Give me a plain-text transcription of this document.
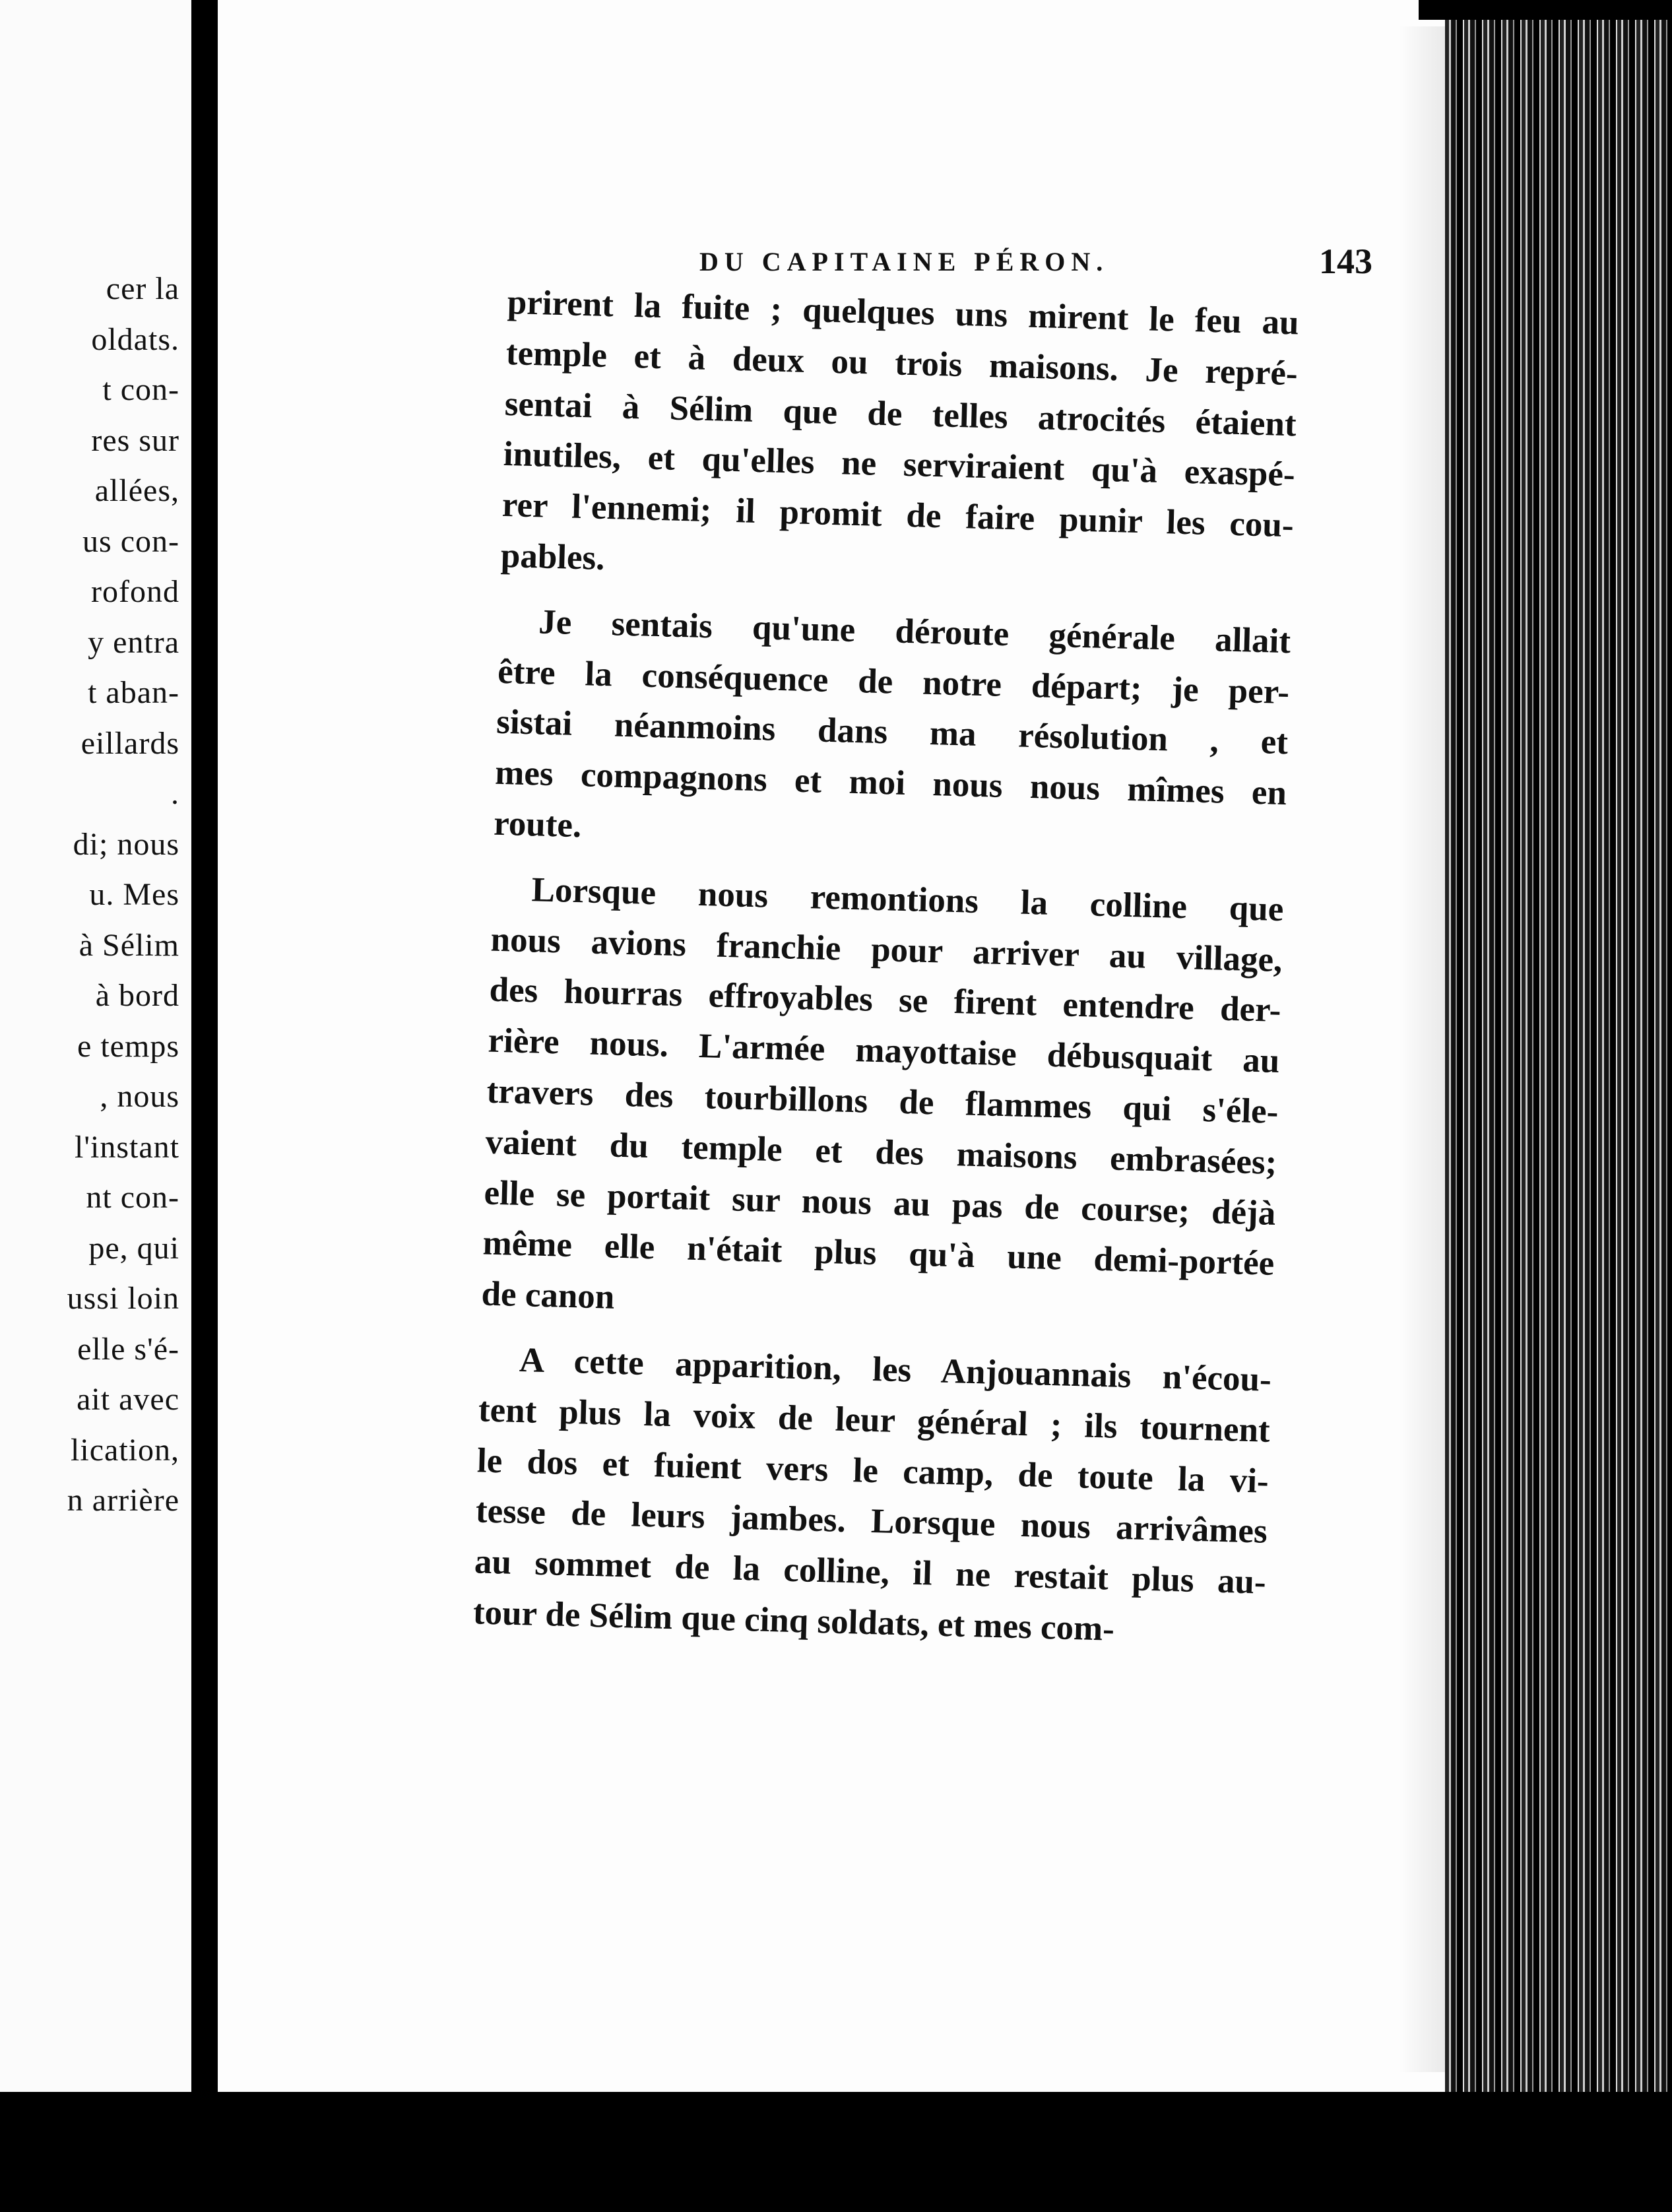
cer la
oldats.
t con-
res sur
allées,
us con-
rofond
y entra
t aban-
eillards
.
di; nous
u. Mes
à Sélim
à bord
e temps
, nous
l'instant
nt con-
pe, qui
ussi loin
elle s'é-
ait avec
lication,
n arrière
DU CAPITAINE PÉRON.	143
prirent la fuite ; quelques uns mirent le feu au
temple et à deux ou trois maisons. Je repré-
sentai à Sélim que de telles atrocités étaient
inutiles, et qu'elles ne serviraient qu'à exaspé-
rer l'ennemi; il promit de faire punir les cou-
pables.
Je sentais qu'une déroute générale allait
être la conséquence de notre départ; je per-
sistai néanmoins dans ma résolution , et
mes compagnons et moi nous nous mîmes en
route.
Lorsque nous remontions la colline que
nous avions franchie pour arriver au village,
des hourras effroyables se firent entendre der-
rière nous. L'armée mayottaise débusquait au
travers des tourbillons de flammes qui s'éle-
vaient du temple et des maisons embrasées;
elle se portait sur nous au pas de course; déjà
même elle n'était plus qu'à une demi-portée
de canon
A cette apparition, les Anjouannais n'écou-
tent plus la voix de leur général ; ils tournent
le dos et fuient vers le camp, de toute la vi-
tesse de leurs jambes. Lorsque nous arrivâmes
au sommet de la colline, il ne restait plus au-
tour de Sélim que cinq soldats, et mes com-
